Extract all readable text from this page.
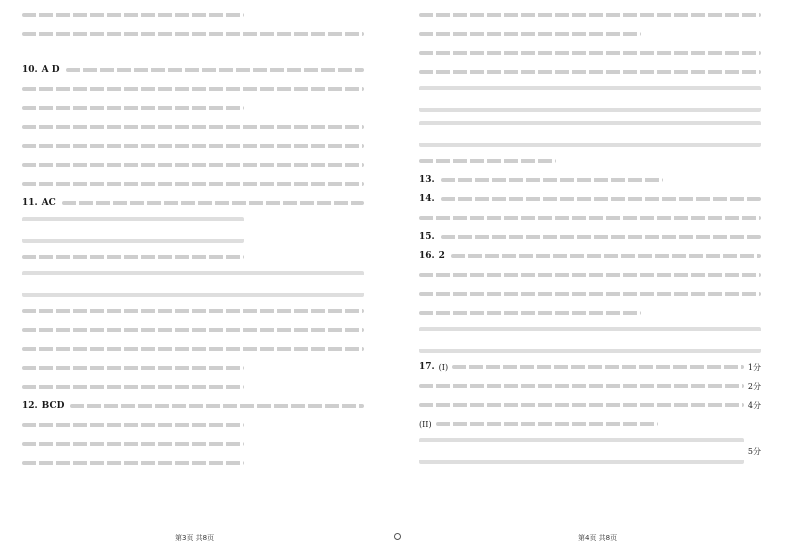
10. A D
11. AC
12. BCD
13.
14.
15.
16. 2
17. (I)	1分
2分
4分
(II)
5分
第3页 共8页	第4页 共8页
